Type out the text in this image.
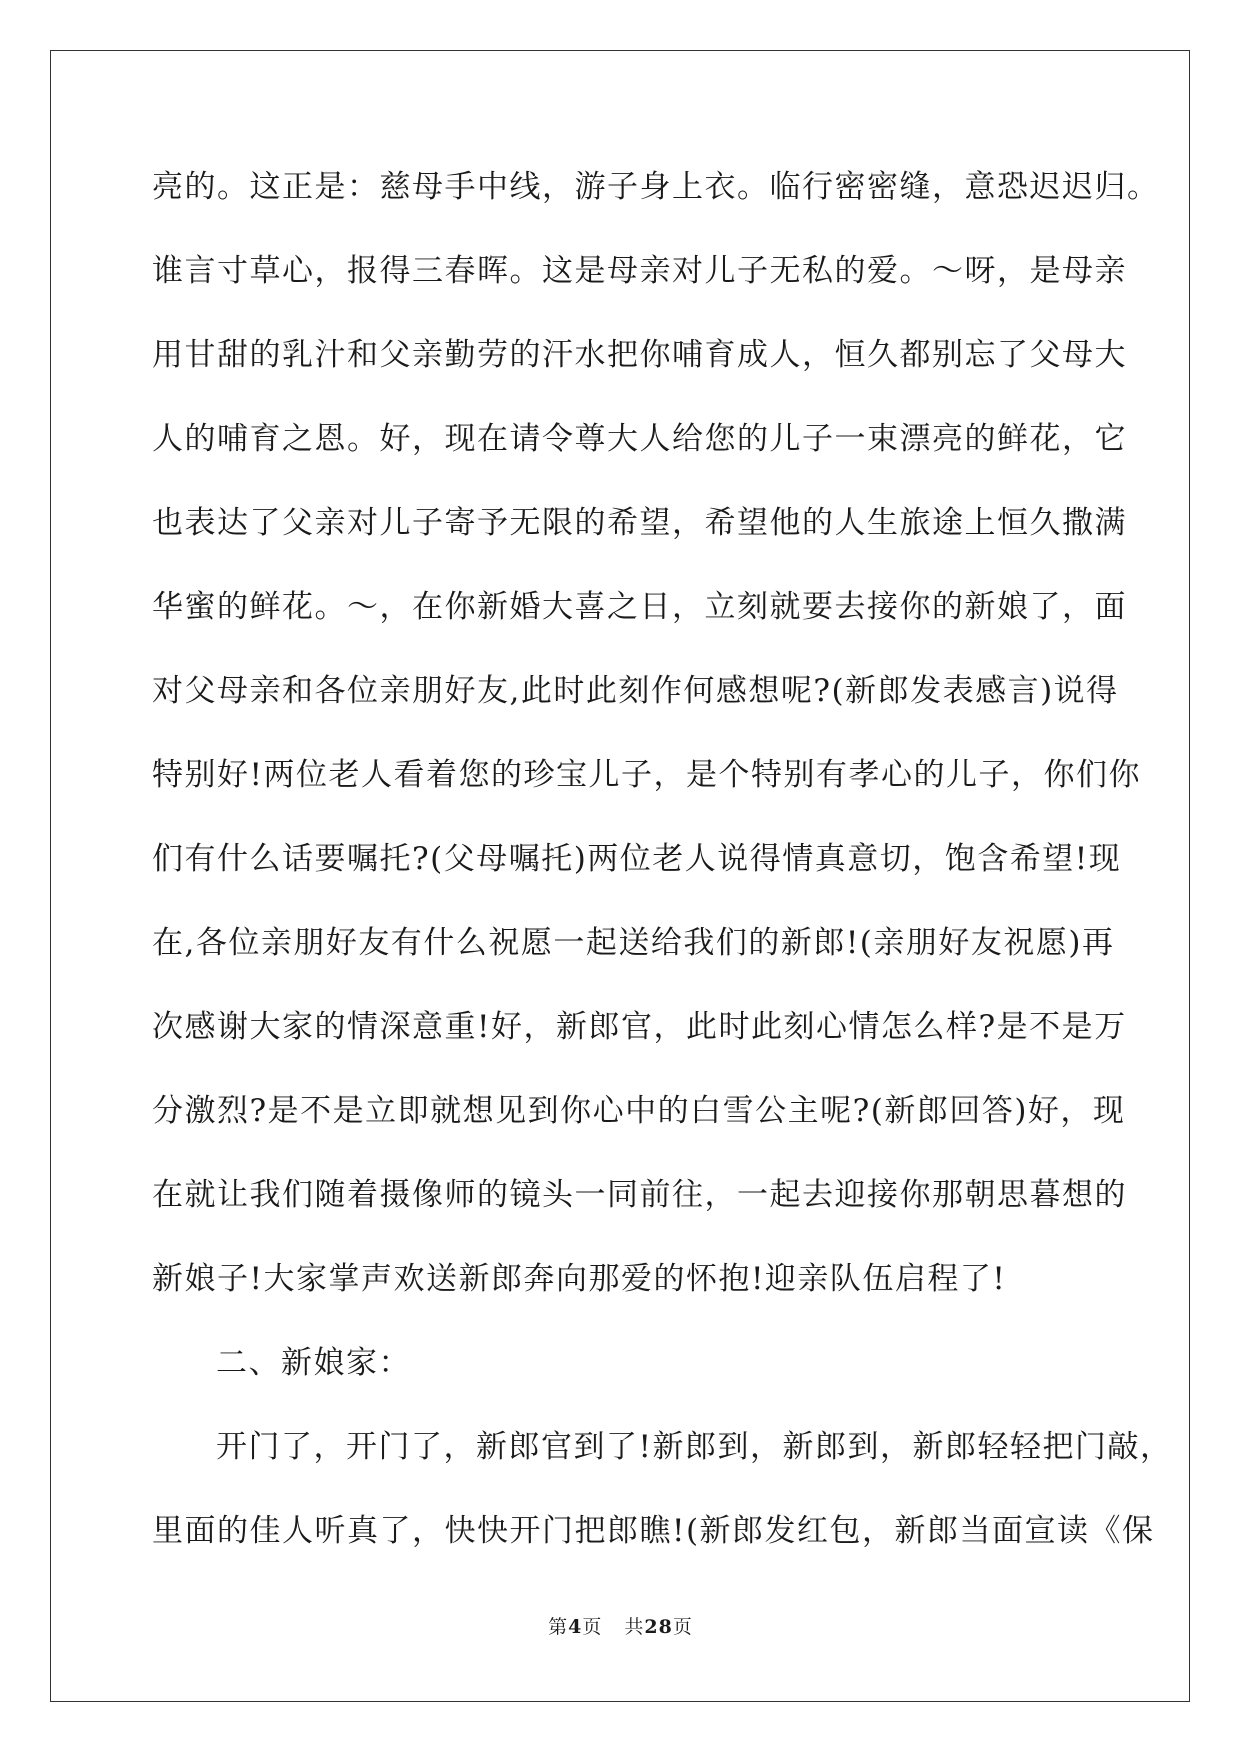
亮的。这正是：慈母手中线，游子身上衣。临行密密缝，意恐迟迟归。
谁言寸草心，报得三春晖。这是母亲对儿子无私的爱。～呀，是母亲
用甘甜的乳汁和父亲勤劳的汗水把你哺育成人，恒久都别忘了父母大
人的哺育之恩。好，现在请令尊大人给您的儿子一束漂亮的鲜花，它
也表达了父亲对儿子寄予无限的希望，希望他的人生旅途上恒久撒满
华蜜的鲜花。～，在你新婚大喜之日，立刻就要去接你的新娘了，面
对父母亲和各位亲朋好友,此时此刻作何感想呢?(新郎发表感言)说得
特别好!两位老人看着您的珍宝儿子，是个特别有孝心的儿子，你们你
们有什么话要嘱托?(父母嘱托)两位老人说得情真意切，饱含希望!现
在,各位亲朋好友有什么祝愿一起送给我们的新郎!(亲朋好友祝愿)再
次感谢大家的情深意重!好，新郎官，此时此刻心情怎么样?是不是万
分激烈?是不是立即就想见到你心中的白雪公主呢?(新郎回答)好，现
在就让我们随着摄像师的镜头一同前往，一起去迎接你那朝思暮想的
新娘子!大家掌声欢送新郎奔向那爱的怀抱!迎亲队伍启程了!
二、新娘家：
开门了，开门了，新郎官到了!新郎到，新郎到，新郎轻轻把门敲，
里面的佳人听真了，快快开门把郎瞧!(新郎发红包，新郎当面宣读《保
第4页 共28页
